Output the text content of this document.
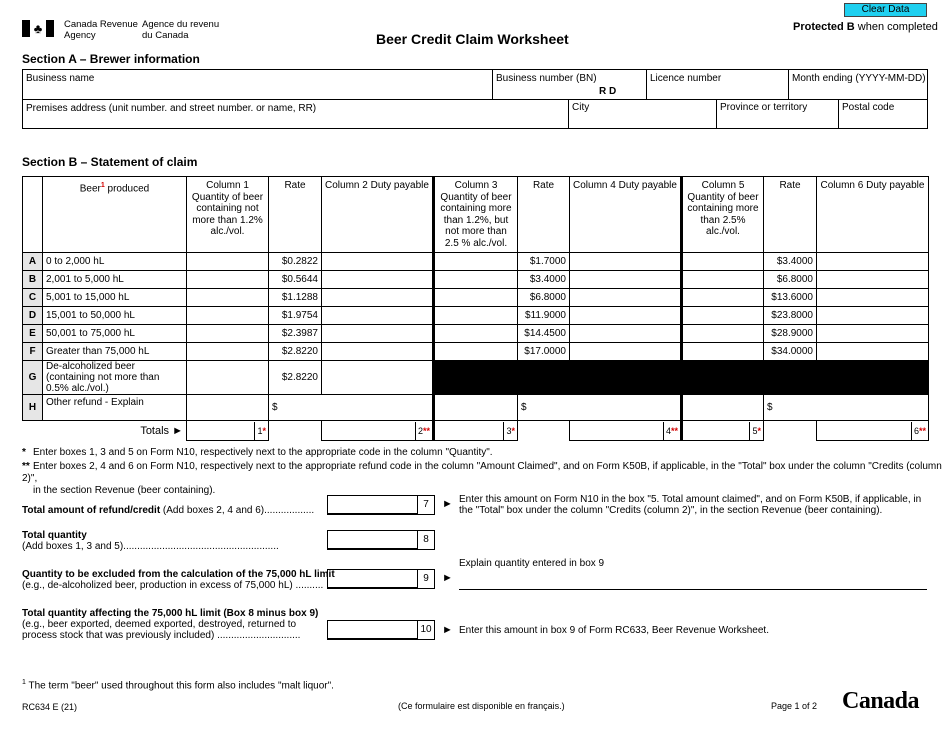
♣ Canada Revenue
Agency
Agence du revenu
du Canada	Beer Credit Claim Worksheet
Clear Data
Protected B when completed
Section A – Brewer information
Business name	Business number (BN)
R D
Licence number	Month ending (YYYY-MM-DD)
Premises address (unit number. and street number. or name, RR)	City	Province or territory	Postal code
Section B – Statement of claim
	Beer$^1$ produced	Column 1 Quantity of beer containing not more than 1.2% alc./vol.	Rate	Column 2 Duty payable	Column 3 Quantity of beer containing more than 1.2%, but not more than 2.5 % alc./vol.	Rate	Column 4 Duty payable	Column 5 Quantity of beer containing more than 2.5% alc./vol.	Rate	Column 6 Duty payable
A	0 to 2,000 hL		$0.2822			$1.7000			$3.4000	
B	2,001 to 5,000 hL		$0.5644			$3.4000			$6.8000	
C	5,001 to 15,000 hL		$1.1288			$6.8000			$13.6000	
D	15,001 to 50,000 hL		$1.9754			$11.9000			$23.8000	
E	50,001 to 75,000 hL		$2.3987			$14.4500			$28.9000	
F	Greater than 75,000 hL		$2.8220			$17.0000			$34.0000	
G	De-alcoholized beer (containing not more than 0.5% alc./vol.)		$2.8220							
H	Other refund - Explain		$			$			$	
	Totals ►	1*		2**	3*		4**	5*		6**
* Enter boxes 1, 3 and 5 on Form N10, respectively next to the appropriate code in the column "Quantity".
** Enter boxes 2, 4 and 6 on Form N10, respectively next to the appropriate refund code in the column "Amount Claimed", and on Form K50B, if applicable, in the "Total" box under the column "Credits (column 2)",
in the section Revenue (beer containing).
Total amount of refund/credit (Add boxes 2, 4 and 6)..................
7	► Enter this amount on Form N10 in the box "5. Total amount claimed", and on Form K50B, if applicable, in the "Total" box under the column "Credits (column 2)", in the section Revenue (beer containing).
Total quantity
(Add boxes 1, 3 and 5)........................................................
8
Quantity to be excluded from the calculation of the 75,000 hL limit
(e.g., de-alcoholized beer, production in excess of 75,000 hL) ..........
9	►
Explain quantity entered in box 9
Total quantity affecting the 75,000 hL limit (Box 8 minus box 9)
(e.g., beer exported, deemed exported, destroyed, returned to
process stock that was previously included) ..............................
10 ► Enter this amount in box 9 of Form RC633, Beer Revenue Worksheet.
$^1$ The term "beer" used throughout this form also includes "malt liquor".
RC634 E (21)	(Ce formulaire est disponible en français.)	Page 1 of 2 Canada
